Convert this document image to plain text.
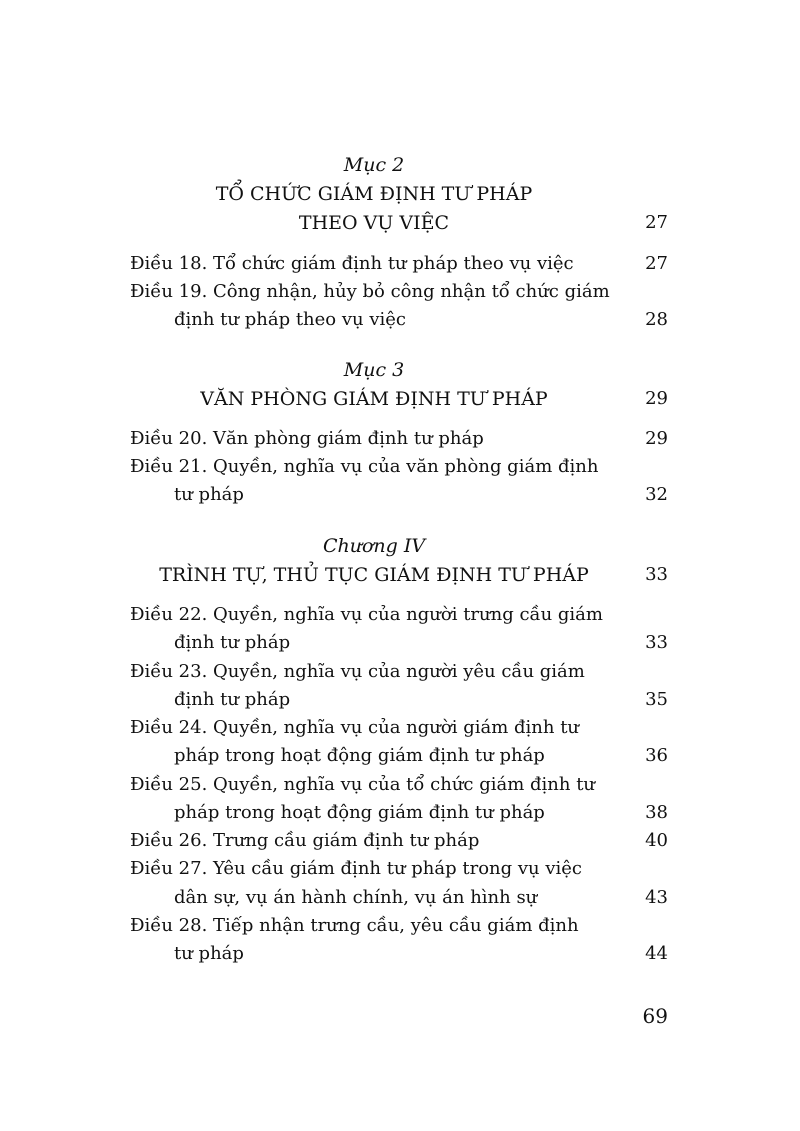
Mục 2
TỔ CHỨC GIÁM ĐỊNH TƯ PHÁP
THEO VỤ VIỆC	27
Điều 18. Tổ chức giám định tư pháp theo vụ việc	27
Điều 19. Công nhận, hủy bỏ công nhận tổ chức giám
định tư pháp theo vụ việc	28
Mục 3
VĂN PHÒNG GIÁM ĐỊNH TƯ PHÁP	29
Điều 20. Văn phòng giám định tư pháp	29
Điều 21. Quyền, nghĩa vụ của văn phòng giám định
tư pháp	32
Chương IV
TRÌNH TỰ, THỦ TỤC GIÁM ĐỊNH TƯ PHÁP	33
Điều 22. Quyền, nghĩa vụ của người trưng cầu giám
định tư pháp	33
Điều 23. Quyền, nghĩa vụ của người yêu cầu giám
định tư pháp	35
Điều 24. Quyền, nghĩa vụ của người giám định tư
pháp trong hoạt động giám định tư pháp	36
Điều 25. Quyền, nghĩa vụ của tổ chức giám định tư
pháp trong hoạt động giám định tư pháp	38
Điều 26. Trưng cầu giám định tư pháp	40
Điều 27. Yêu cầu giám định tư pháp trong vụ việc
dân sự, vụ án hành chính, vụ án hình sự	43
Điều 28. Tiếp nhận trưng cầu, yêu cầu giám định
tư pháp	44
69
